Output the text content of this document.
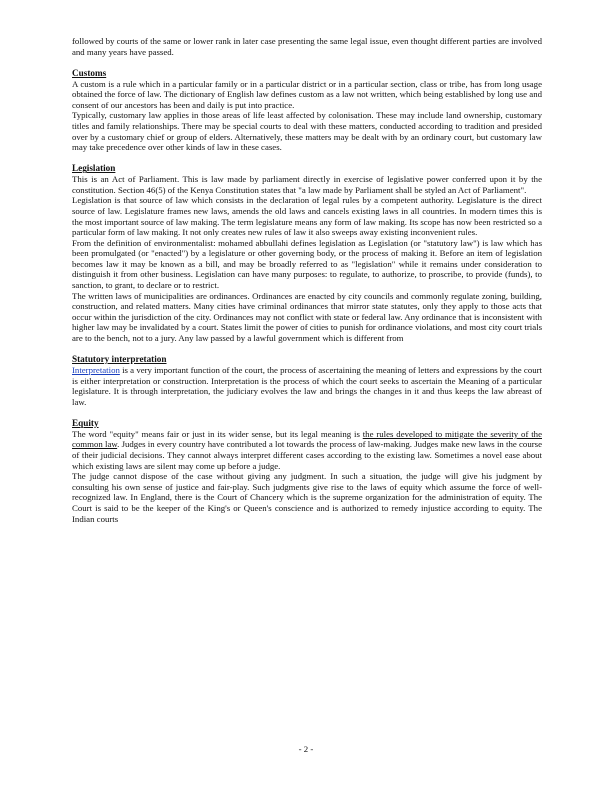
followed by courts of the same or lower rank in later case presenting the same legal issue, even thought different parties are involved and many years have passed.

Customs

A custom is a rule which in a particular family or in a particular district or in a particular section, class or tribe, has from long usage obtained the force of law. The dictionary of English law defines custom as a law not written, which being established by long use and consent of our ancestors has been and daily is put into practice.

Typically, customary law applies in those areas of life least affected by colonisation. These may include land ownership, customary titles and family relationships. There may be special courts to deal with these matters, conducted according to tradition and presided over by a customary chief or group of elders. Alternatively, these matters may be dealt with by an ordinary court, but customary law may take precedence over other kinds of law in these cases.

Legislation

This is an Act of Parliament. This is law made by parliament directly in exercise of legislative power conferred upon it by the constitution. Section 46(5) of the Kenya Constitution states that "a law made by Parliament shall be styled an Act of Parliament".

Legislation is that source of law which consists in the declaration of legal rules by a competent authority. Legislature is the direct source of law. Legislature frames new laws, amends the old laws and cancels existing laws in all countries. In modern times this is the most important source of law making. The term legislature means any form of law making. Its scope has now been restricted so a particular form of law making. It not only creates new rules of law it also sweeps away existing inconvenient rules.

From the definition of environmentalist: mohamed abbullahi defines legislation as Legislation (or "statutory law") is law which has been promulgated (or "enacted") by a legislature or other governing body, or the process of making it. Before an item of legislation becomes law it may be known as a bill, and may be broadly referred to as "legislation" while it remains under consideration to distinguish it from other business. Legislation can have many purposes: to regulate, to authorize, to proscribe, to provide (funds), to sanction, to grant, to declare or to restrict.

The written laws of municipalities are ordinances. Ordinances are enacted by city councils and commonly regulate zoning, building, construction, and related matters. Many cities have criminal ordinances that mirror state statutes, only they apply to those acts that occur within the jurisdiction of the city. Ordinances may not conflict with state or federal law. Any ordinance that is inconsistent with higher law may be invalidated by a court. States limit the power of cities to punish for ordinance violations, and most city court trials are to the bench, not to a jury. Any law passed by a lawful government which is different from

Statutory interpretation

Interpretation is a very important function of the court, the process of ascertaining the meaning of letters and expressions by the court is either interpretation or construction. Interpretation is the process of which the court seeks to ascertain the Meaning of a particular legislature. It is through interpretation, the judiciary evolves the law and brings the changes in it and thus keeps the law abreast of law.

Equity

The word "equity" means fair or just in its wider sense, but its legal meaning is the rules developed to mitigate the severity of the common law. Judges in every country have contributed a lot towards the process of law-making. Judges make new laws in the course of their judicial decisions. They cannot always interpret different cases according to the existing law. Sometimes a novel ease about which existing laws are silent may come up before a judge.

The judge cannot dispose of the case without giving any judgment. In such a situation, the judge will give his judgment by consulting his own sense of justice and fair-play. Such judgments give rise to the laws of equity which assume the force of well- recognized law. In England, there is the Court of Chancery which is the supreme organization for the administration of equity. The Court is said to be the keeper of the King's or Queen's conscience and is authorized to remedy injustice according to equity. The Indian courts

- 2 -
